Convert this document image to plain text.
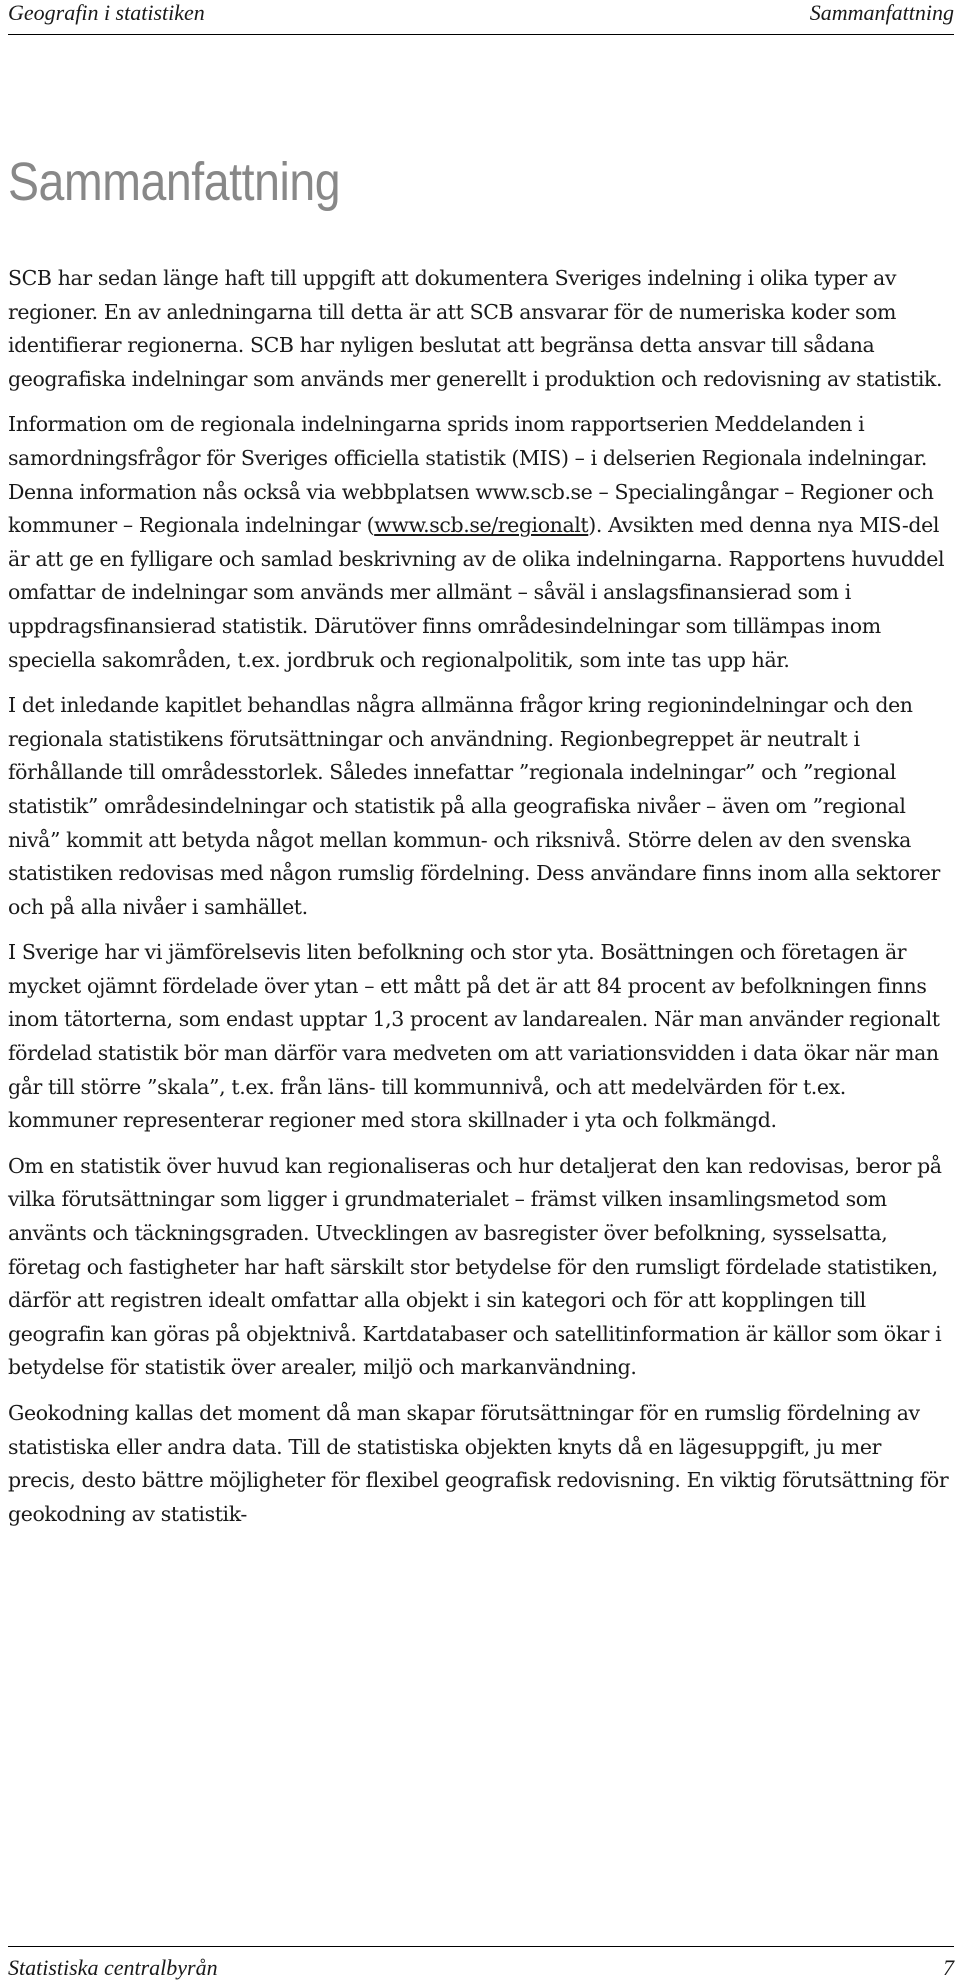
Geografin i statistiken	Sammanfattning
Sammanfattning

SCB har sedan länge haft till uppgift att dokumentera Sveriges indelning i olika typer av regioner. En av anledningarna till detta är att SCB ansvarar för de numeriska koder som identifierar regionerna. SCB har nyligen beslutat att begränsa detta ansvar till sådana geografiska indelningar som används mer generellt i produktion och redovisning av statistik.

Information om de regionala indelningarna sprids inom rapportserien Meddelanden i samordningsfrågor för Sveriges officiella statistik (MIS) – i delserien Regionala indelningar. Denna information nås också via webbplatsen www.scb.se – Specialingångar – Regioner och kommuner – Regionala indelningar (www.scb.se/regionalt). Avsikten med denna nya MIS-del är att ge en fylligare och samlad beskrivning av de olika indelningarna. Rapportens huvuddel omfattar de indelningar som används mer allmänt – såväl i anslagsfinansierad som i uppdragsfinansierad statistik. Därutöver finns områdesindelningar som tillämpas inom speciella sakområden, t.ex. jordbruk och regionalpolitik, som inte tas upp här.

I det inledande kapitlet behandlas några allmänna frågor kring regionindelningar och den regionala statistikens förutsättningar och användning. Regionbegreppet är neutralt i förhållande till områdesstorlek. Således innefattar ”regionala indelningar” och ”regional statistik” områdesindelningar och statistik på alla geografiska nivåer – även om ”regional nivå” kommit att betyda något mellan kommun- och riksnivå. Större delen av den svenska statistiken redovisas med någon rumslig fördelning. Dess användare finns inom alla sektorer och på alla nivåer i samhället.

I Sverige har vi jämförelsevis liten befolkning och stor yta. Bosättningen och företagen är mycket ojämnt fördelade över ytan – ett mått på det är att 84 procent av befolkningen finns inom tätorterna, som endast upptar 1,3 procent av landarealen. När man använder regionalt fördelad statistik bör man därför vara medveten om att variationsvidden i data ökar när man går till större ”skala”, t.ex. från läns- till kommunnivå, och att medelvärden för t.ex. kommuner representerar regioner med stora skillnader i yta och folkmängd.

Om en statistik över huvud kan regionaliseras och hur detaljerat den kan redovisas, beror på vilka förutsättningar som ligger i grundmaterialet – främst vilken insamlingsmetod som använts och täckningsgraden. Utvecklingen av basregister över befolkning, sysselsatta, företag och fastigheter har haft särskilt stor betydelse för den rumsligt fördelade statistiken, därför att registren idealt omfattar alla objekt i sin kategori och för att kopplingen till geografin kan göras på objektnivå. Kartdatabaser och satellitinformation är källor som ökar i betydelse för statistik över arealer, miljö och markanvändning.

Geokodning kallas det moment då man skapar förutsättningar för en rumslig fördelning av statistiska eller andra data. Till de statistiska objekten knyts då en lägesuppgift, ju mer precis, desto bättre möjligheter för flexibel geografisk redovisning. En viktig förutsättning för geokodning av statistik-

Statistiska centralbyrån	7
